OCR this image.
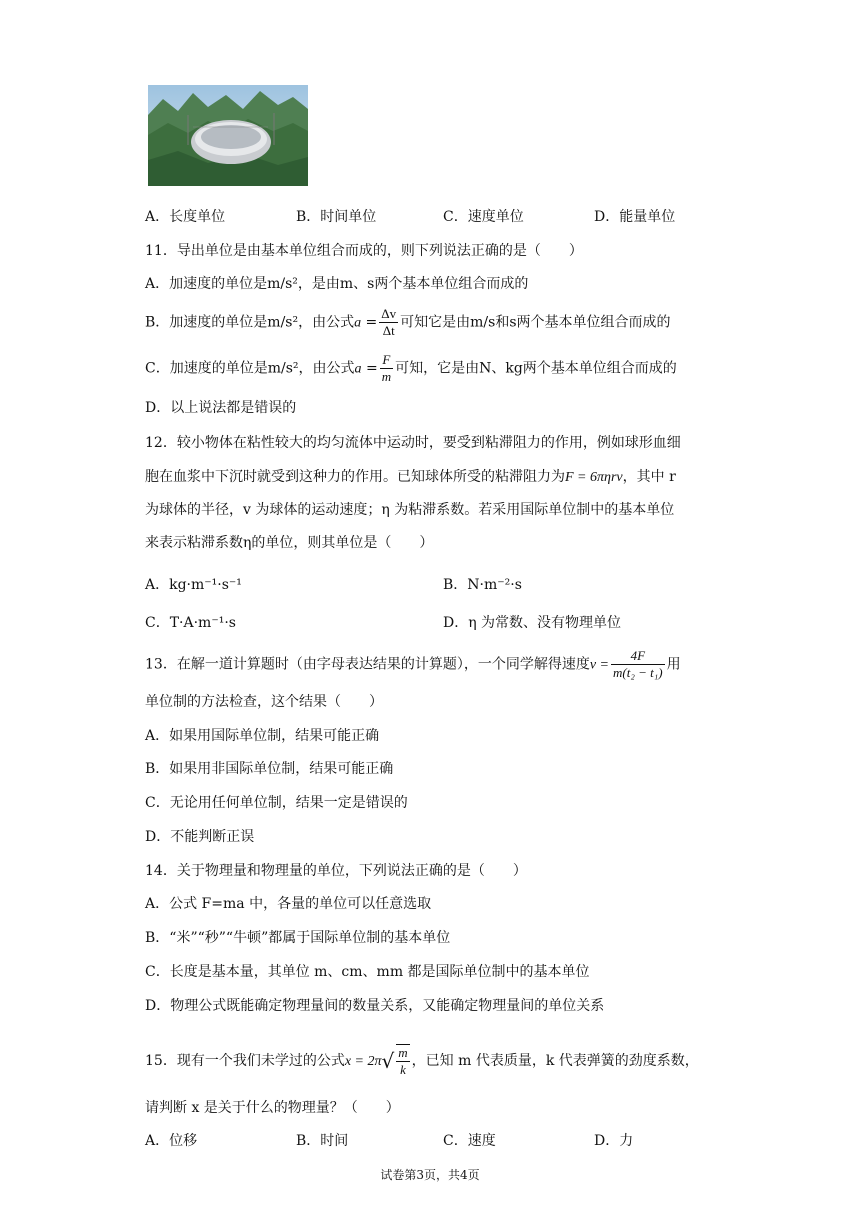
A．长度单位	B．时间单位	C．速度单位	D．能量单位
11．导出单位是由基本单位组合而成的，则下列说法正确的是（　　）
A．加速度的单位是m/s²，是由m、s两个基本单位组合而成的
B．加速度的单位是m/s²，由公式$a = \frac{\Delta v}{\Delta t}$ 可知它是由m/s和s两个基本单位组合而成的
C．加速度的单位是m/s²，由公式$a = \frac{F}{m}$ 可知，它是由N、kg两个基本单位组合而成的
D．以上说法都是错误的
12．较小物体在粘性较大的均匀流体中运动时，要受到粘滞阻力的作用，例如球形血细
胞在血浆中下沉时就受到这种力的作用。已知球体所受的粘滞阻力为F = 6πηrv，其中 r
为球体的半径，v 为球体的运动速度；η 为粘滞系数。若采用国际单位制中的基本单位
来表示粘滞系数η的单位，则其单位是（　　）
A．kg·m⁻¹·s⁻¹	B．N·m⁻²·s
C．T·A·m⁻¹·s	D．η 为常数、没有物理单位
13．在解一道计算题时（由字母表达结果的计算题），一个同学解得速度$v = \frac{4F}{\text{m(t₂ − t₁)}}$ 用
单位制的方法检查，这个结果（　　）
A．如果用国际单位制，结果可能正确
B．如果用非国际单位制，结果可能正确
C．无论用任何单位制，结果一定是错误的
D．不能判断正误
14．关于物理量和物理量的单位，下列说法正确的是（　　）
A．公式 F=ma 中，各量的单位可以任意选取
B．“米”“秒”“牛顿”都属于国际单位制的基本单位
C．长度是基本量，其单位 m、cm、mm 都是国际单位制中的基本单位
D．物理公式既能确定物理量间的数量关系，又能确定物理量间的单位关系
15．现有一个我们未学过的公式$x = 2\pi√ \frac{m}{k}$ ，已知 m 代表质量，k 代表弹簧的劲度系数，
请判断 x 是关于什么的物理量？（　　）
A．位移	B．时间	C．速度	D．力
试卷第3页，共4页
